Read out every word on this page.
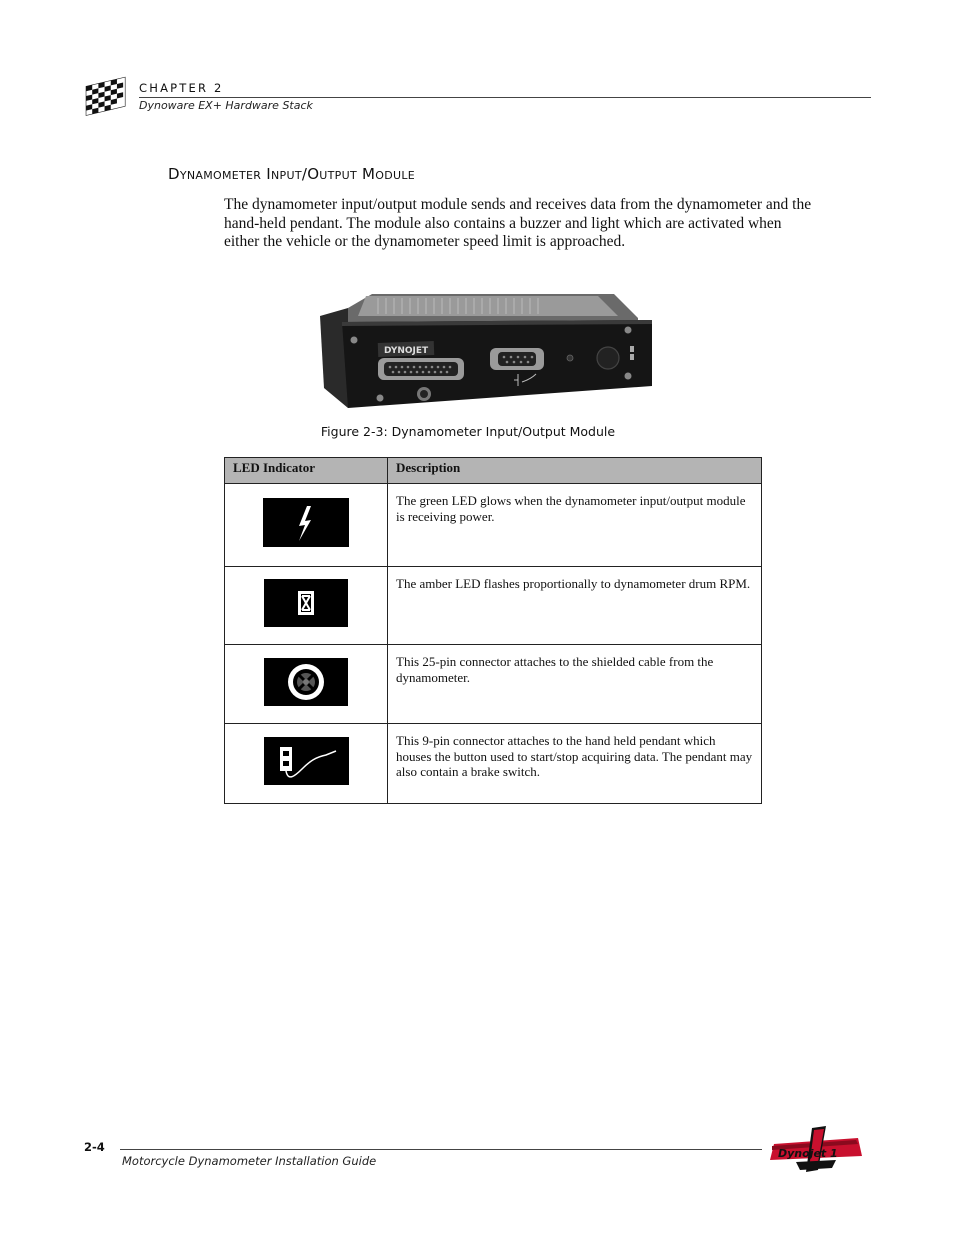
CHAPTER 2
Dynoware EX+ Hardware Stack
Dynamometer Input/Output Module
The dynamometer input/output module sends and receives data from the dynamometer and the hand-held pendant. The module also contains a buzzer and light which are activated when either the vehicle or the dynamometer speed limit is approached.
DYNOJET
Figure 2-3: Dynamometer Input/Output Module
LED Indicator	Description
	The green LED glows when the dynamometer input/output module is receiving power.
	The amber LED flashes proportionally to dynamometer drum RPM.
	This 25-pin connector attaches to the shielded cable from the dynamometer.
	This 9-pin connector attaches to the hand held pendant which houses the button used to start/stop acquiring data. The pendant may also contain a brake switch.
2-4
Motorcycle Dynamometer Installation Guide
Dynojet 1
